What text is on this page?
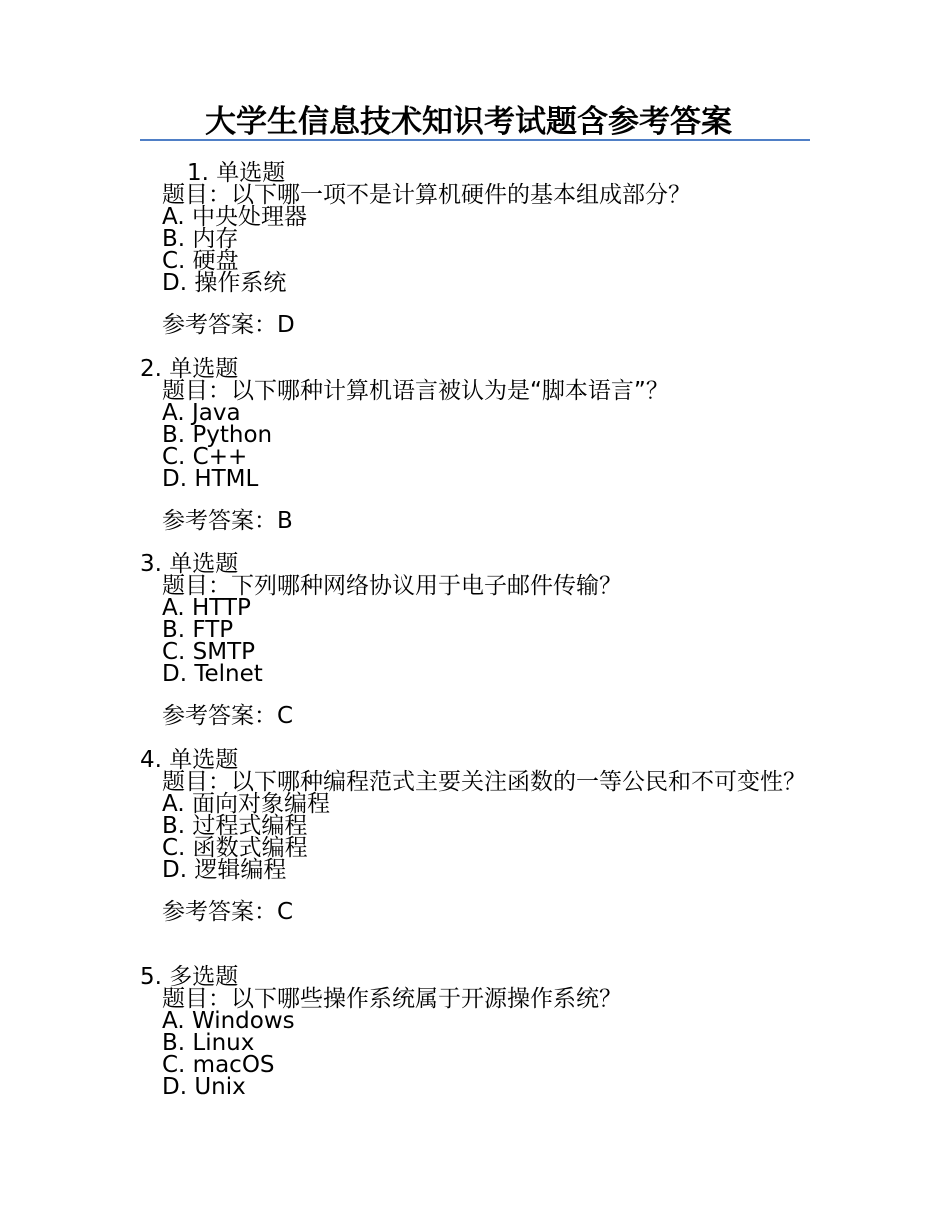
大学生信息技术知识考试题含参考答案
1. 单选题
题目：以下哪一项不是计算机硬件的基本组成部分？
A. 中央处理器
B. 内存
C. 硬盘
D. 操作系统
参考答案：D
2. 单选题
题目：以下哪种计算机语言被认为是“脚本语言”？
A. Java
B. Python
C. C++
D. HTML
参考答案：B
3. 单选题
题目：下列哪种网络协议用于电子邮件传输？
A. HTTP
B. FTP
C. SMTP
D. Telnet
参考答案：C
4. 单选题
题目：以下哪种编程范式主要关注函数的一等公民和不可变性？
A. 面向对象编程
B. 过程式编程
C. 函数式编程
D. 逻辑编程
参考答案：C
5. 多选题
题目：以下哪些操作系统属于开源操作系统？
A. Windows
B. Linux
C. macOS
D. Unix
